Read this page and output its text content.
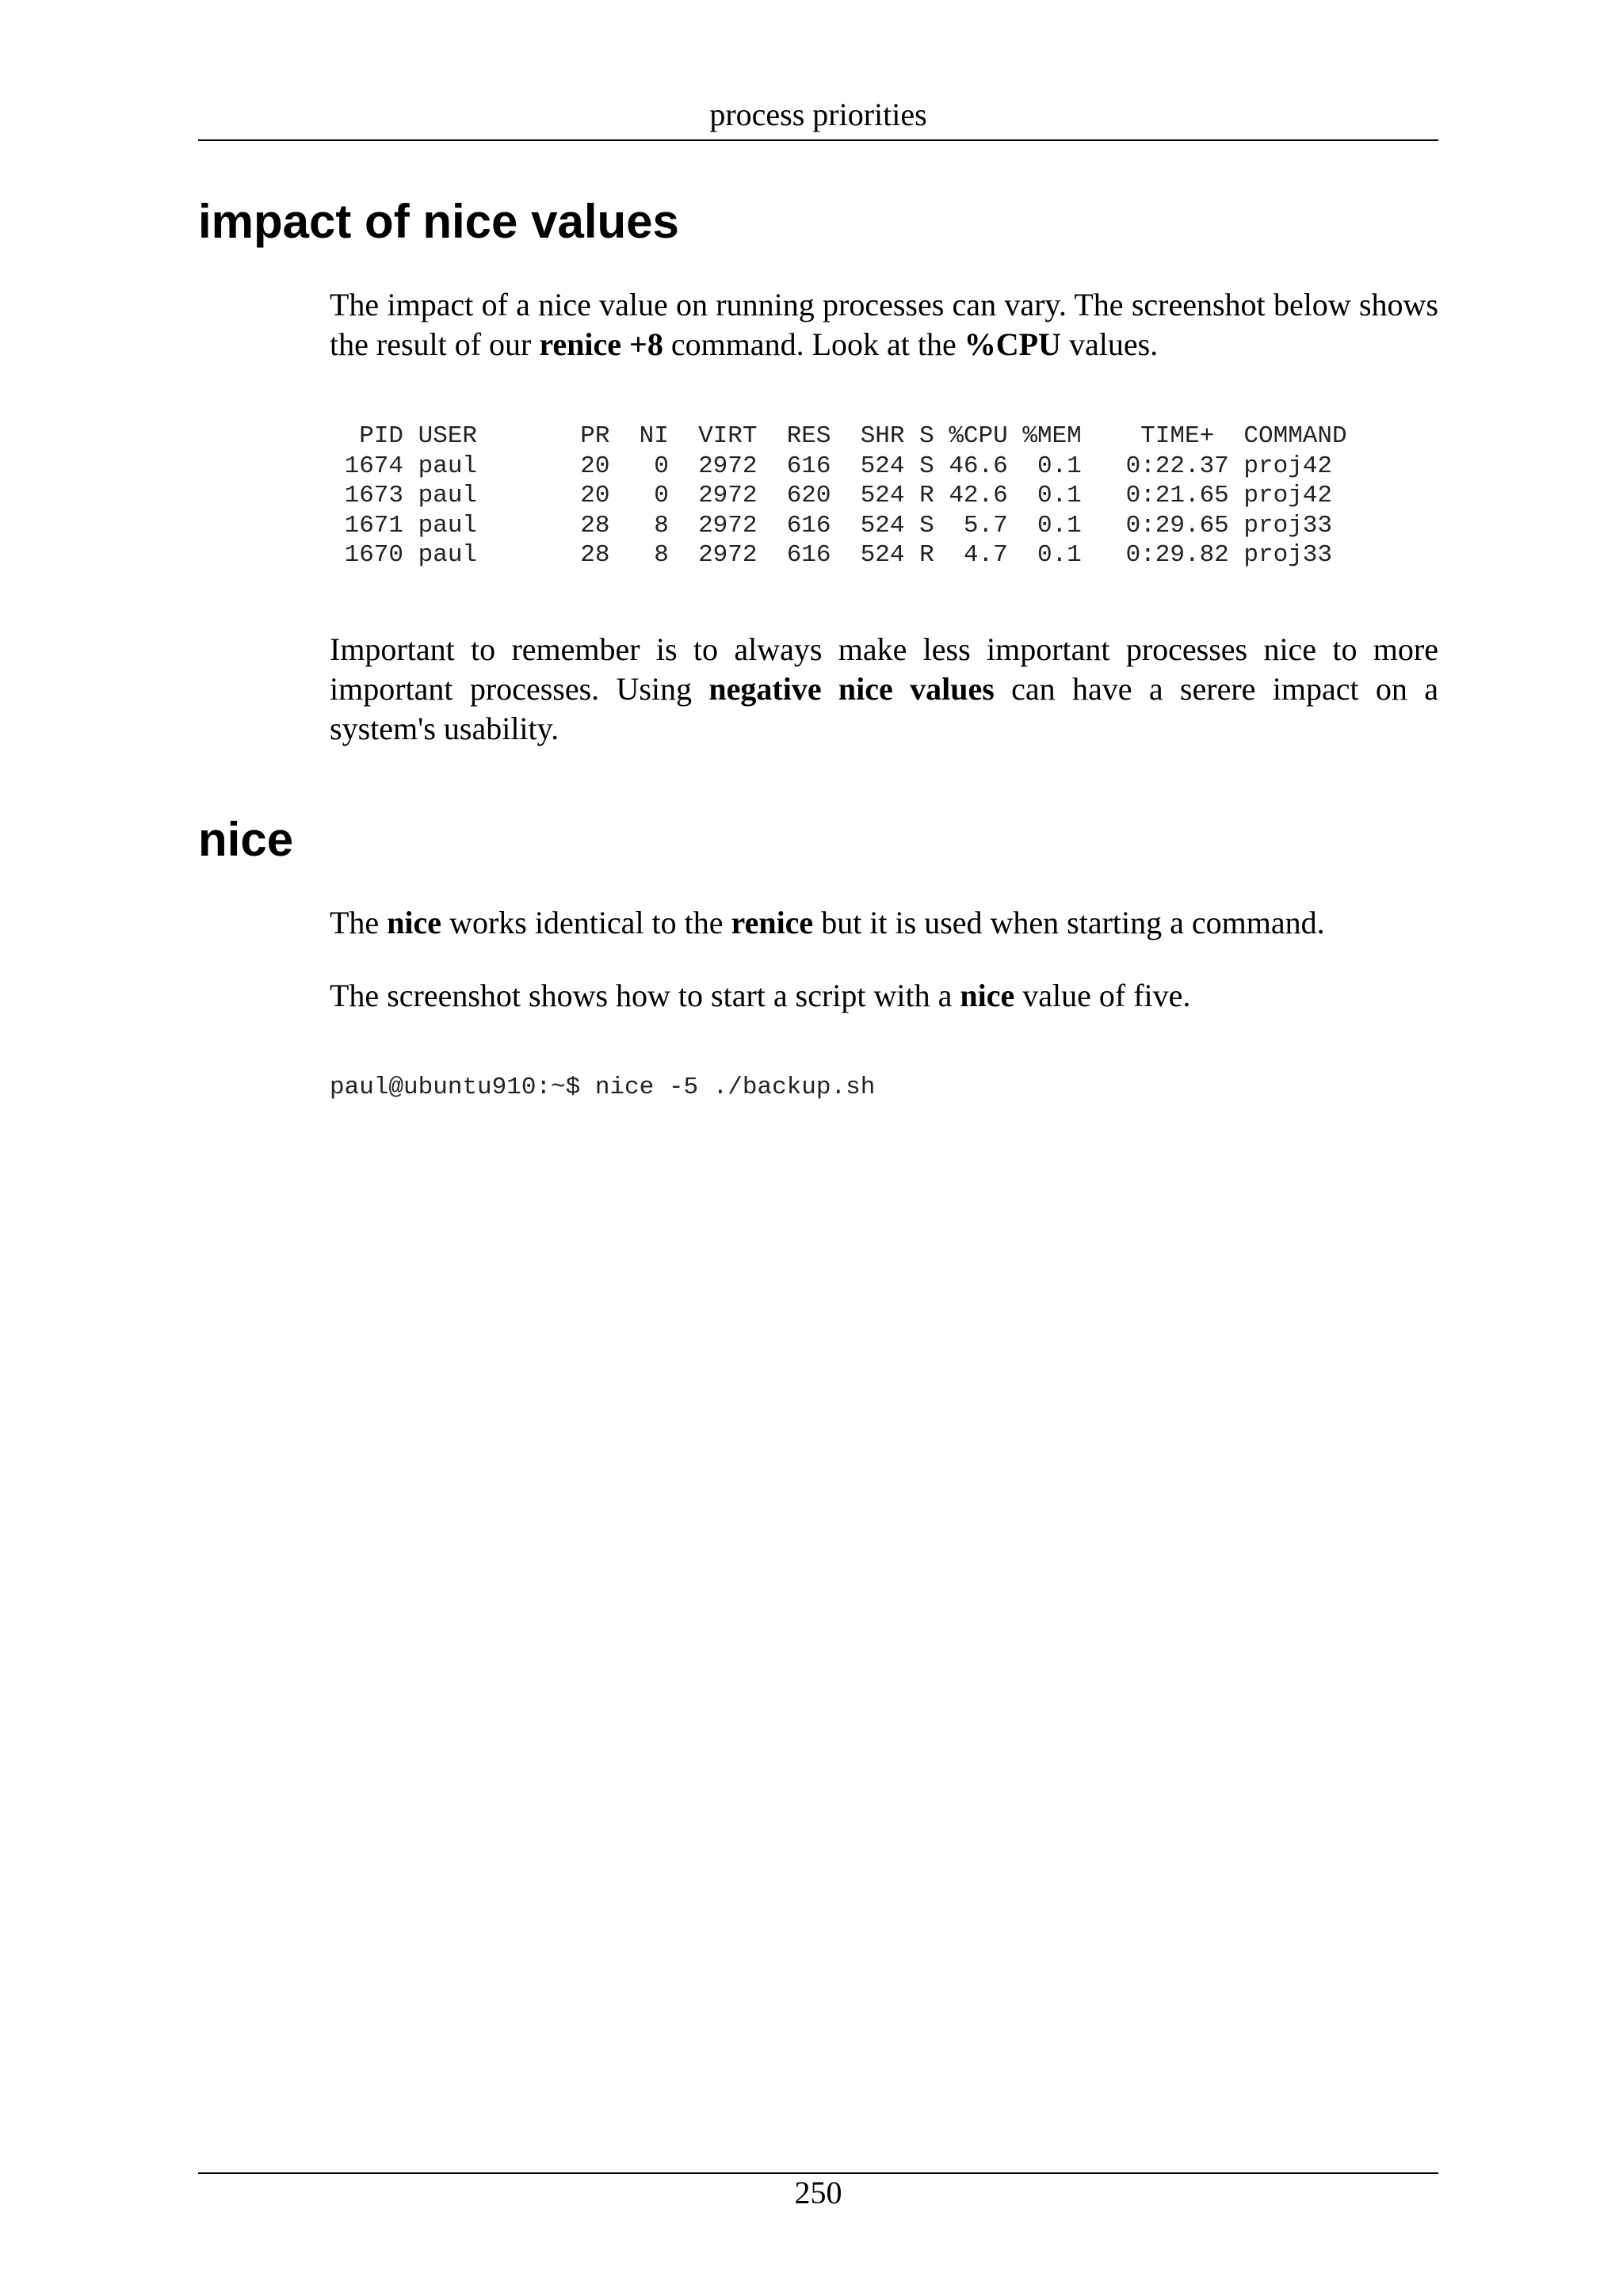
process priorities
impact of nice values

The impact of a nice value on running processes can vary. The screenshot below shows the result of our renice +8 command. Look at the %CPU values.

PID USER       PR  NI  VIRT  RES  SHR S %CPU %MEM    TIME+  COMMAND
1674 paul       20   0  2972  616  524 S 46.6  0.1   0:22.37 proj42
1673 paul       20   0  2972  620  524 R 42.6  0.1   0:21.65 proj42
1671 paul       28   8  2972  616  524 S  5.7  0.1   0:29.65 proj33
1670 paul       28   8  2972  616  524 R  4.7  0.1   0:29.82 proj33

Important to remember is to always make less important processes nice to more important processes. Using negative nice values can have a serere impact on a system's usability.

nice

The nice works identical to the renice but it is used when starting a command.

The screenshot shows how to start a script with a nice value of five.

paul@ubuntu910:~$ nice -5 ./backup.sh
250
